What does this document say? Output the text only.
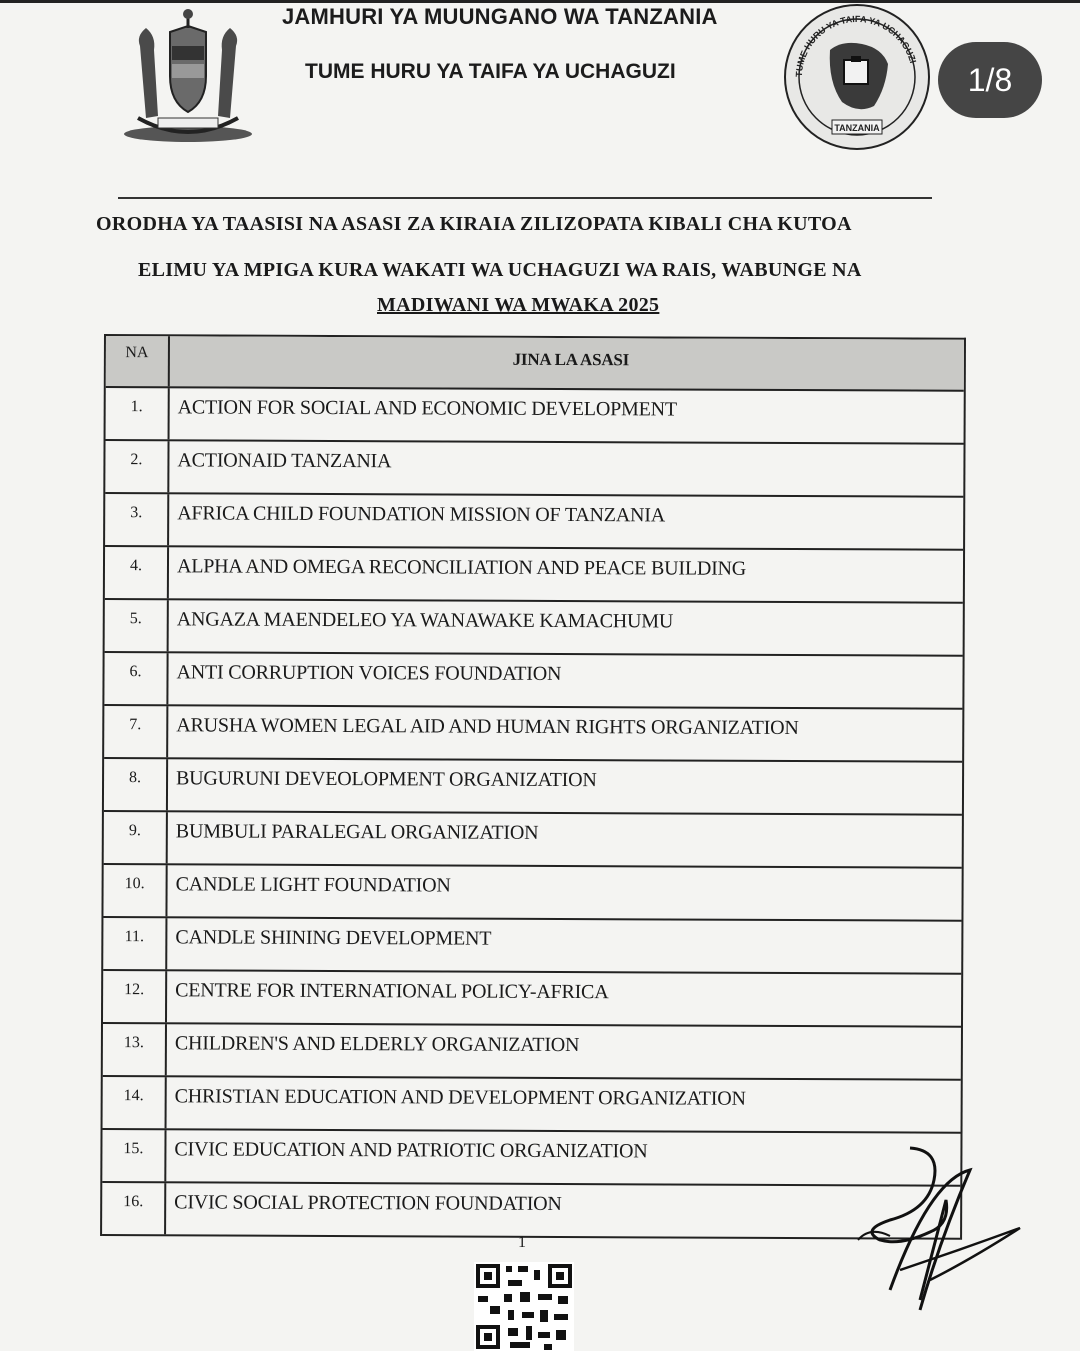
JAMHURI YA MUUNGANO WA TANZANIA
TUME HURU YA TAIFA YA UCHAGUZI	TUME HURU YA TAIFA YA UCHAGUZI
TANZANIA
1/8
ORODHA YA TAASISI NA ASASI ZA KIRAIA ZILIZOPATA KIBALI CHA KUTOA
ELIMU YA MPIGA KURA WAKATI WA UCHAGUZI WA RAIS, WABUNGE NA
MADIWANI WA MWAKA 2025
NA	JINA LA ASASI
1.	ACTION FOR SOCIAL AND ECONOMIC DEVELOPMENT
2.	ACTIONAID TANZANIA
3.	AFRICA CHILD FOUNDATION MISSION OF TANZANIA
4.	ALPHA AND OMEGA RECONCILIATION AND PEACE BUILDING
5.	ANGAZA MAENDELEO YA WANAWAKE KAMACHUMU
6.	ANTI CORRUPTION VOICES FOUNDATION
7.	ARUSHA WOMEN LEGAL AID AND HUMAN RIGHTS ORGANIZATION
8.	BUGURUNI DEVEOLOPMENT ORGANIZATION
9.	BUMBULI PARALEGAL ORGANIZATION
10.	CANDLE LIGHT FOUNDATION
11.	CANDLE SHINING DEVELOPMENT
12.	CENTRE FOR INTERNATIONAL POLICY-AFRICA
13.	CHILDREN'S AND ELDERLY ORGANIZATION
14.	CHRISTIAN EDUCATION AND DEVELOPMENT ORGANIZATION
15.	CIVIC EDUCATION AND PATRIOTIC ORGANIZATION
16.	CIVIC SOCIAL PROTECTION FOUNDATION
1
